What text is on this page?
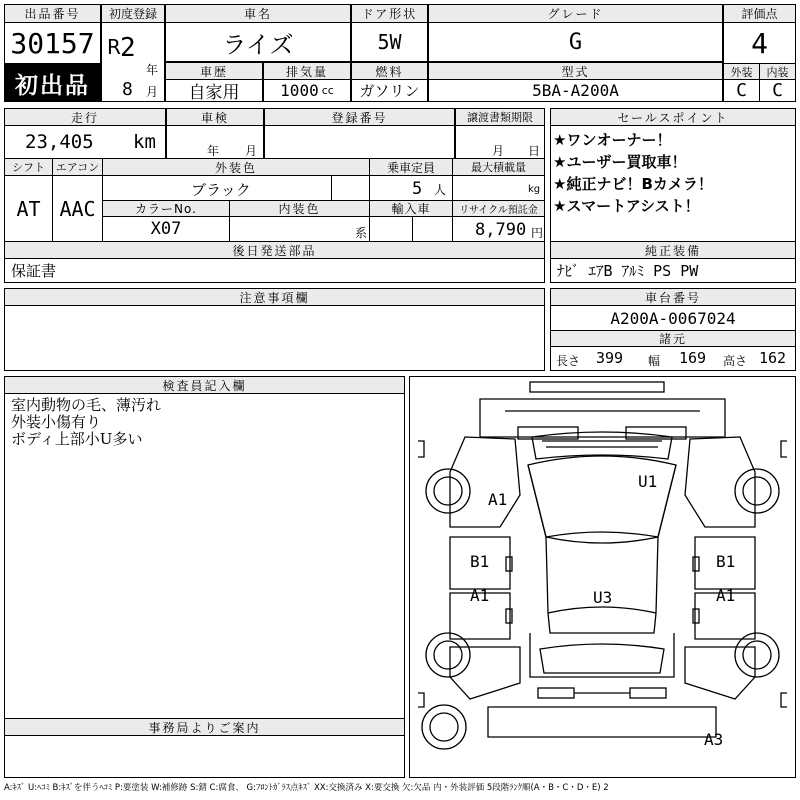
出品番号
30157
初出品
初度登録
R 2
年
8 月
車名
ライズ
ドア形状
5W
グレード
G
評価点
4
車歴
自家用
排気量
1000 cc
燃料
ガソリン
型式
5BA-A200A
外装	内装
C	C
走行
23,405 km
車検
年 月
登録番号	譲渡書類期限
月 日
シフト
AT
エアコン
AAC
外装色
ブラック
乗車定員
5 人
最大積載量
kg
カラーNo.
X07
内装色
系
輸入車	リサイクル預託金
8,790 円
後日発送部品
保証書
セールスポイント
★ワンオーナー！
★ユーザー買取車！
★純正ナビ！Bカメラ！
★スマートアシスト！
純正装備
ﾅﾋﾞ ｴｱB ｱﾙﾐ PS PW
注意事項欄	車台番号
A200A-0067024
諸元
長さ 399 幅 169 高さ 162
検査員記入欄
室内動物の毛、薄汚れ
外装小傷有り
ボディ上部小U多い
事務局よりご案内
U1
A1
B1	B1
A1	A1
U3
A3
A:ｷｽﾞ U:ﾍｺﾐ B:ｷｽﾞを伴うﾍｺﾐ P:要塗装 W:補修跡 S:錆 C:腐食、 G:ﾌﾛﾝﾄｶﾞﾗｽ点ｷｽﾞ XX:交換済み X:要交換 欠:欠品 内・外装評価 5段階ﾗﾝｸ順(A・B・C・D・E) 2
